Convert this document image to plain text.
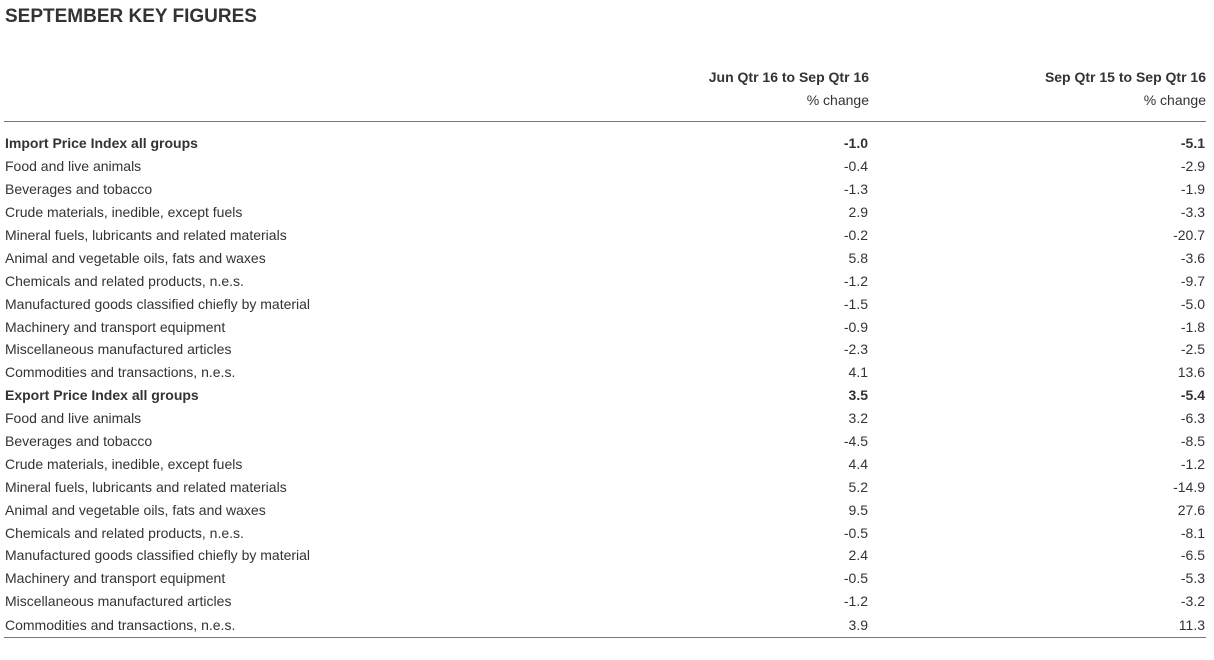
SEPTEMBER KEY FIGURES
	Jun Qtr 16 to Sep Qtr 16	Sep Qtr 15 to Sep Qtr 16
	% change	% change

Import Price Index all groups	-1.0	-5.1
Food and live animals	-0.4	-2.9
Beverages and tobacco	-1.3	-1.9
Crude materials, inedible, except fuels	2.9	-3.3
Mineral fuels, lubricants and related materials	-0.2	-20.7
Animal and vegetable oils, fats and waxes	5.8	-3.6
Chemicals and related products, n.e.s.	-1.2	-9.7
Manufactured goods classified chiefly by material	-1.5	-5.0
Machinery and transport equipment	-0.9	-1.8
Miscellaneous manufactured articles	-2.3	-2.5
Commodities and transactions, n.e.s.	4.1	13.6
Export Price Index all groups	3.5	-5.4
Food and live animals	3.2	-6.3
Beverages and tobacco	-4.5	-8.5
Crude materials, inedible, except fuels	4.4	-1.2
Mineral fuels, lubricants and related materials	5.2	-14.9
Animal and vegetable oils, fats and waxes	9.5	27.6
Chemicals and related products, n.e.s.	-0.5	-8.1
Manufactured goods classified chiefly by material	2.4	-6.5
Machinery and transport equipment	-0.5	-5.3
Miscellaneous manufactured articles	-1.2	-3.2
Commodities and transactions, n.e.s.	3.9	11.3
